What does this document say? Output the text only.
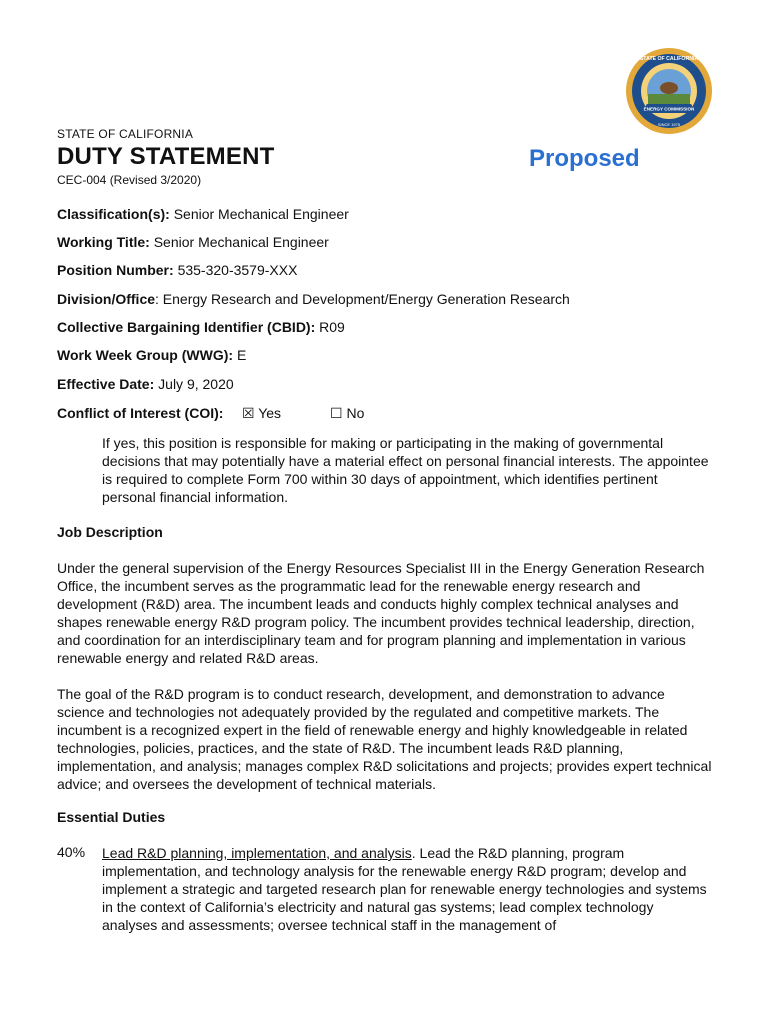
ENERGY COMMISSION
STATE OF CALIFORNIA
SINCE 1975
STATE OF CALIFORNIA
DUTY STATEMENT	Proposed
CEC-004 (Revised 3/2020)
Classification(s): Senior Mechanical Engineer
Working Title: Senior Mechanical Engineer
Position Number: 535-320-3579-XXX
Division/Office: Energy Research and Development/Energy Generation Research
Collective Bargaining Identifier (CBID): R09
Work Week Group (WWG): E
Effective Date: July 9, 2020
Conflict of Interest (COI): ☒ Yes	☐ No
If yes, this position is responsible for making or participating in the making of governmental decisions that may potentially have a material effect on personal financial interests. The appointee is required to complete Form 700 within 30 days of appointment, which identifies pertinent personal financial information.
Job Description
Under the general supervision of the Energy Resources Specialist III in the Energy Generation Research Office, the incumbent serves as the programmatic lead for the renewable energy research and development (R&D) area. The incumbent leads and conducts highly complex technical analyses and shapes renewable energy R&D program policy. The incumbent provides technical leadership, direction, and coordination for an interdisciplinary team and for program planning and implementation in various renewable energy and related R&D areas.
The goal of the R&D program is to conduct research, development, and demonstration to advance science and technologies not adequately provided by the regulated and competitive markets. The incumbent is a recognized expert in the field of renewable energy and highly knowledgeable in related technologies, policies, practices, and the state of R&D. The incumbent leads R&D planning, implementation, and analysis; manages complex R&D solicitations and projects; provides expert technical advice; and oversees the development of technical materials.
Essential Duties
40% Lead R&D planning, implementation, and analysis. Lead the R&D planning, program implementation, and technology analysis for the renewable energy R&D program; develop and implement a strategic and targeted research plan for renewable energy technologies and systems in the context of California’s electricity and natural gas systems; lead complex technology analyses and assessments; oversee technical staff in the management of
